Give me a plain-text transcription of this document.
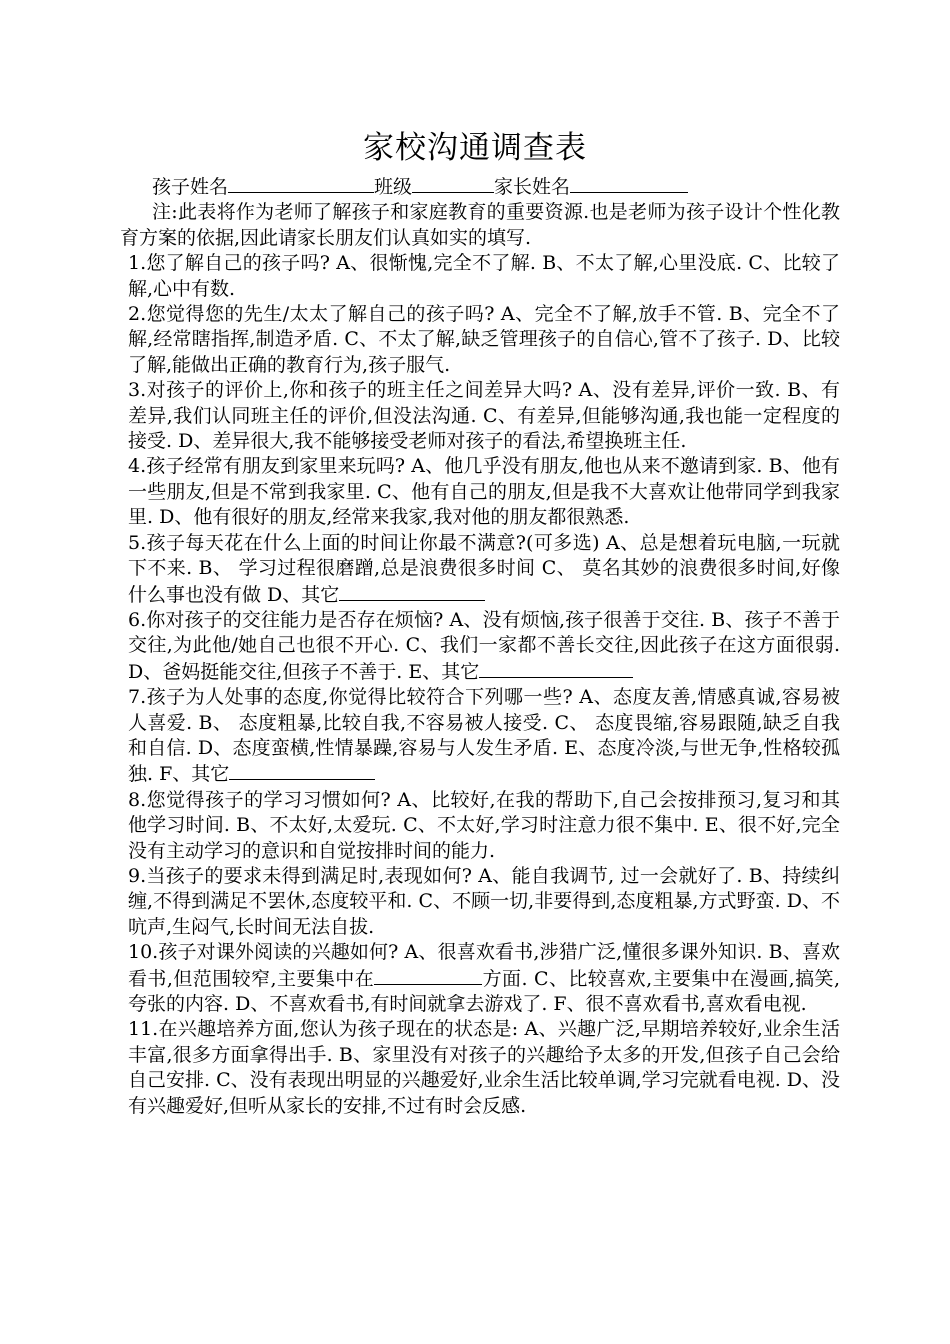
家校沟通调查表
孩子姓名	班级	家长姓名
注:此表将作为老师了解孩子和家庭教育的重要资源.也是老师为孩子设计个性化教育方案的依据,因此请家长朋友们认真如实的填写.
1.您了解自己的孩子吗? A、很惭愧,完全不了解. B、不太了解,心里没底. C、比较了解,心中有数.
2.您觉得您的先生/太太了解自己的孩子吗? A、完全不了解,放手不管. B、完全不了解,经常瞎指挥,制造矛盾. C、不太了解,缺乏管理孩子的自信心,管不了孩子. D、比较了解,能做出正确的教育行为,孩子服气.
3.对孩子的评价上,你和孩子的班主任之间差异大吗? A、没有差异,评价一致. B、有差异,我们认同班主任的评价,但没法沟通. C、有差异,但能够沟通,我也能一定程度的接受. D、差异很大,我不能够接受老师对孩子的看法,希望换班主任.
4.孩子经常有朋友到家里来玩吗? A、他几乎没有朋友,他也从来不邀请到家. B、他有一些朋友,但是不常到我家里. C、他有自己的朋友,但是我不大喜欢让他带同学到我家里. D、他有很好的朋友,经常来我家,我对他的朋友都很熟悉.
5.孩子每天花在什么上面的时间让你最不满意?(可多选) A、总是想着玩电脑,一玩就下不来. B、 学习过程很磨蹭,总是浪费很多时间 C、 莫名其妙的浪费很多时间,好像什么事也没有做 D、其它
6.你对孩子的交往能力是否存在烦恼? A、没有烦恼,孩子很善于交往. B、孩子不善于交往,为此他/她自己也很不开心. C、我们一家都不善长交往,因此孩子在这方面很弱. D、爸妈挺能交往,但孩子不善于. E、其它
7.孩子为人处事的态度,你觉得比较符合下列哪一些? A、态度友善,情感真诚,容易被人喜爱. B、 态度粗暴,比较自我,不容易被人接受. C、 态度畏缩,容易跟随,缺乏自我和自信. D、态度蛮横,性情暴躁,容易与人发生矛盾. E、态度冷淡,与世无争,性格较孤独. F、其它
8.您觉得孩子的学习习惯如何? A、比较好,在我的帮助下,自己会按排预习,复习和其他学习时间. B、不太好,太爱玩. C、不太好,学习时注意力很不集中. E、很不好,完全没有主动学习的意识和自觉按排时间的能力.
9.当孩子的要求未得到满足时,表现如何? A、能自我调节, 过一会就好了. B、持续纠缠,不得到满足不罢休,态度较平和. C、不顾一切,非要得到,态度粗暴,方式野蛮. D、不吭声,生闷气,长时间无法自拔.
10.孩子对课外阅读的兴趣如何? A、很喜欢看书,涉猎广泛,懂很多课外知识. B、喜欢看书,但范围较窄,主要集中在	方面. C、比较喜欢,主要集中在漫画,搞笑,夸张的内容. D、不喜欢看书,有时间就拿去游戏了. F、很不喜欢看书,喜欢看电视.
11.在兴趣培养方面,您认为孩子现在的状态是: A、兴趣广泛,早期培养较好,业余生活丰富,很多方面拿得出手. B、家里没有对孩子的兴趣给予太多的开发,但孩子自己会给自己安排. C、没有表现出明显的兴趣爱好,业余生活比较单调,学习完就看电视. D、没有兴趣爱好,但听从家长的安排,不过有时会反感.
